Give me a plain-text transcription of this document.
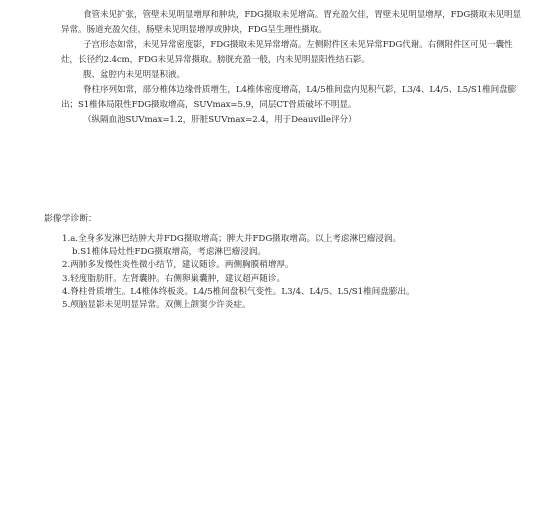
食管未见扩张，管壁未见明显增厚和肿块，FDG摄取未见增高。胃充盈欠佳，胃壁未见明显增厚，FDG摄取未见明显异常。肠道充盈欠佳，肠壁未见明显增厚或肿块，FDG呈生理性摄取。

子宫形态如常，未见异常密度影，FDG摄取未见异常增高。左侧附件区未见异常FDG代谢。右侧附件区可见一囊性灶，长径约2.4cm，FDG未见异常摄取。膀胱充盈一般，内未见明显阳性结石影。

腹、盆腔内未见明显积液。

脊柱序列如常，部分椎体边缘骨质增生，L4椎体密度增高，L4/5椎间盘内见积气影，L3/4、L4/5、L5/S1椎间盘膨出；S1椎体局限性FDG摄取增高，SUVmax=5.9，同层CT骨质破坏不明显。

（纵隔血池SUVmax=1.2，肝脏SUVmax=2.4，用于Deauville评分）

影像学诊断：

1.a.全身多发淋巴结肿大并FDG摄取增高；脾大并FDG摄取增高。以上考虑淋巴瘤浸润。

b.S1椎体局灶性FDG摄取增高，考虑淋巴瘤浸润。

2.两肺多发慢性炎性微小结节，建议随诊。两侧胸膜稍增厚。

3.轻度脂肪肝。左肾囊肿。右侧卵巢囊肿，建议超声随诊。

4.脊柱骨质增生。L4椎体终板炎。L4/5椎间盘积气变性。L3/4、L4/5、L5/S1椎间盘膨出。

5.颅脑显影未见明显异常。双侧上颌窦少许炎症。
